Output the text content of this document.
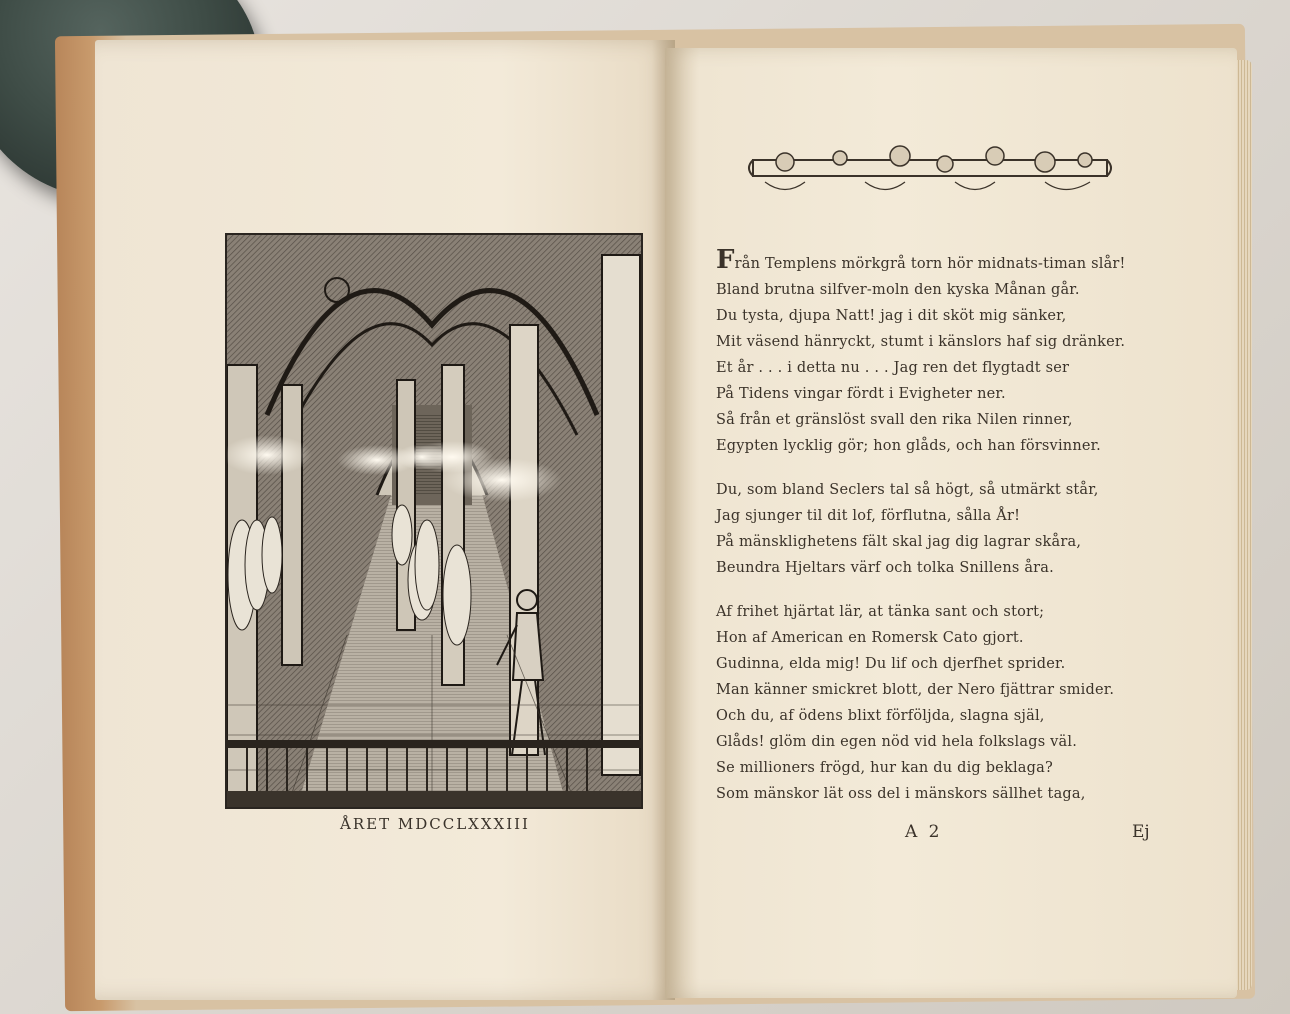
ÅRET MDCCLXXXIII
Från Templens mörkgrå torn hör midnats-timan slår!
Bland brutna silfver-moln den kyska Månan går.
Du tysta, djupa Natt! jag i dit sköt mig sänker,
Mit väsend hänryckt, stumt i känslors haf sig dränker.
Et år . . . i detta nu . . . Jag ren det flygtadt ser
På Tidens vingar fördt i Evigheter ner.
Så från et gränslöst svall den rika Nilen rinner,
Egypten lycklig gör; hon glåds, och han försvinner.
Du, som bland Seclers tal så högt, så utmärkt står,
Jag sjunger til dit lof, förflutna, sålla År!
På mänsklighetens fält skal jag dig lagrar skåra,
Beundra Hjeltars värf och tolka Snillens åra.
Af frihet hjärtat lär, at tänka sant och stort;
Hon af American en Romersk Cato gjort.
Gudinna, elda mig! Du lif och djerfhet sprider.
Man känner smickret blott, der Nero fjättrar smider.
Och du, af ödens blixt förföljda, slagna själ,
Glåds! glöm din egen nöd vid hela folkslags väl.
Se millioners frögd, hur kan du dig beklaga?
Som mänskor lät oss del i mänskors sällhet taga,
A 2	Ej
